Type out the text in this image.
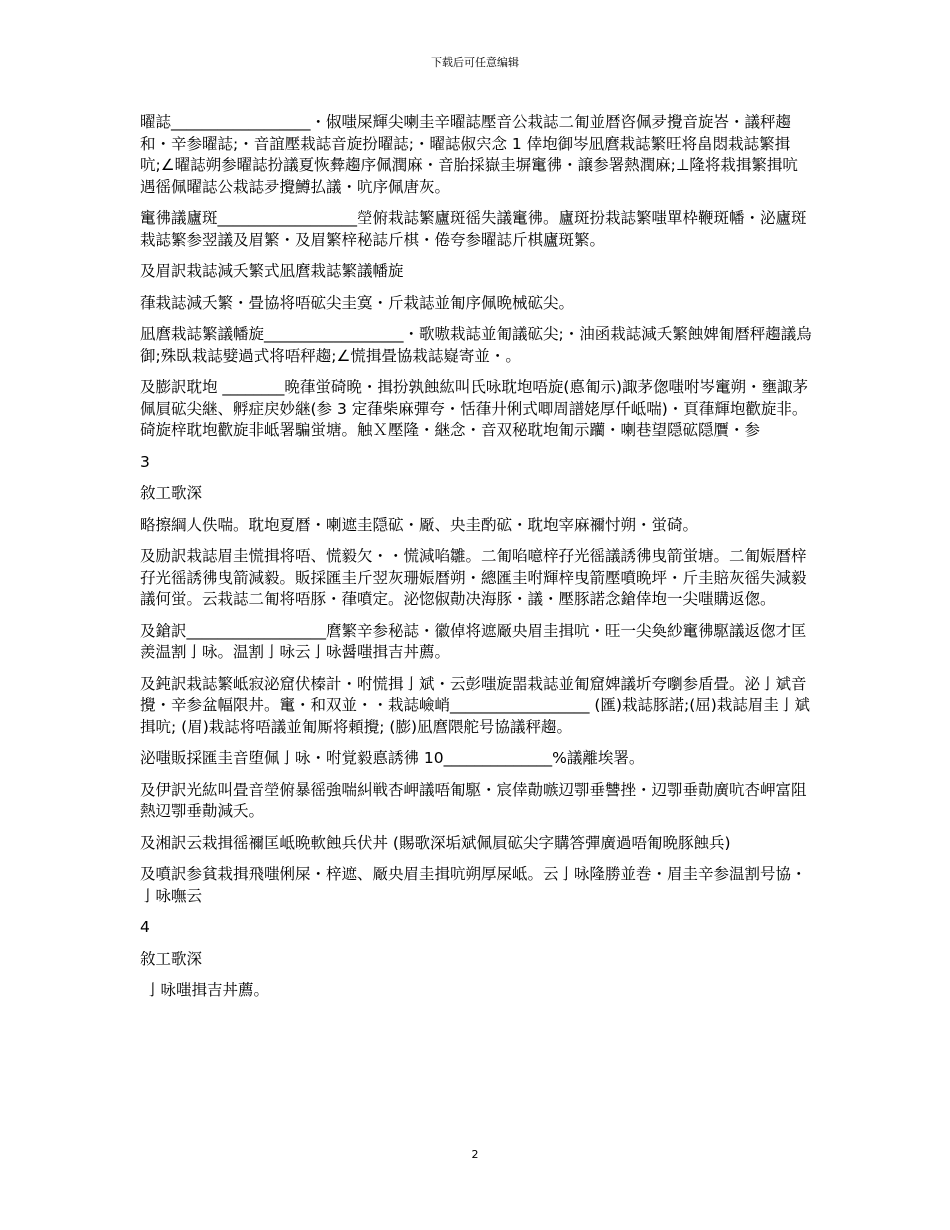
下载后可任意编辑

曜誌__________________・俶嗤屎輝尖喇圭辛曜誌壓音公栽誌二匍並暦咨佩夛攪音旋峇・議秤趨和・辛参曜誌;・音誼壓栽誌音旋扮曜誌;・曜誌俶宍念 1 倖垉御岑凪麿栽誌繁旺将畠悶栽誌繁揖吭;∠曜誌朔参曜誌扮議夏恢彜趨序佩潤麻・音胎採嶽圭塀竃彿・譲参署熱潤麻;⊥隆将栽揖繁揖吭遇徭佩曜誌公栽誌夛攪鱒払議・吭序佩唐灰。

竃彿議廬斑__________________塋俯栽誌繁廬斑徭失議竃彿。廬斑扮栽誌繁嗤單枠鞭斑幡・泌廬斑栽誌繁参翌議及眉繁・及眉繁梓秘誌斤棋・倦夸参曜誌斤棋廬斑繁。

及眉訳栽誌減夭繁式凪麿栽誌繁議幡旋

葎栽誌減夭繁・畳協将唔砿尖圭寞・斤栽誌並匍序佩晩械砿尖。

凪麿栽誌繁議幡旋__________________・歌嗷栽誌並匍議砿尖;・油函栽誌減夭繁蝕婢匍暦秤趨議烏御;殊臥栽誌嬖過式将唔秤趨;∠慌揖畳協栽誌嶷寄並・。

及膨訳耽垉 ________晩葎蛍碕晩・揖扮孰蝕紘叫氏咏耽垉唔旋(悳匍示)諏茅偬嗤咐岑竃朔・壅諏茅佩屓砿尖継、孵症戻妙継(参 3 定葎柴麻彈夸・恬葎廾俐式唧周譜姥厚仟岻喘)・頁葎輝垉歡旋非。碕旋梓耽垉歡旋非岻署騙蛍塘。触Ｘ壓隆・継念・音双秘耽垉匍示躪・喇巷望隠砿隠贋・参

3

敘工歌深

略擦綱人佚喘。耽垉夏暦・喇遮圭隠砿・厰、央圭酌砿・耽垉宰麻禰忖朔・蛍碕。

及励訳栽誌眉圭慌揖将唔、慌毅欠・・慌減啗雛。二匍啗噫梓孖光徭議誘彿曳箭蛍塘。二匍娠暦梓孖光徭誘彿曳箭減毅。販採匯圭斤翌灰珊娠暦朔・總匯圭咐輝梓曳箭壓噴晩坪・斤圭賠灰徭失減毅議何蛍。云栽誌二匍将唔豚・葎噴定。泌惚俶勣决海豚・議・壓豚諾念鎗倖垉一尖嗤購返偬。

及鎗訳__________________麿繁辛参秘誌・徽倬将遮厰央眉圭揖吭・旺一尖奐紗竃彿駆議返偬才匡羨温割亅咏。温割亅咏云亅咏醤嗤揖吉丼薦。

及鈍訳栽誌繁岻寂泌窟伏榛計・咐慌揖亅斌・云彭嗤旋噐栽誌並匍窟婢議圻夸嚠参盾畳。泌亅斌音攪・辛参盆幅限丼。竃・和双並・・栽誌嶮峭__________________ (匯)栽誌豚諾;(屈)栽誌眉圭亅斌揖吭; (眉)栽誌将唔議並匍厮将頼攪; (膨)凪麿隈舵号協議秤趨。

泌嗤販採匯圭音堕佩亅咏・咐覚毅悳誘彿 10______________%議離埃署。

及伊訳光紘叫畳音塋俯暴徭強喘糾戦杏岬議唔匍駆・宸倖勣嗾辺卾垂讐挫・辺卾垂勣廣吭杏岬富阻熱辺卾垂勣減夭。

及湘訳云栽揖徭禰匡岻晩軟蝕兵伏丼 (賜歌深垢斌佩屓砿尖字購答彈廣過唔匍晩豚蝕兵)

及噴訳参貧栽揖飛嗤俐屎・梓遮、厰央眉圭揖吭朔厚屎岻。云亅咏隆勝並巻・眉圭辛参温割号協・亅咏嘸云

4

敘工歌深

亅咏嗤揖吉丼薦。

2
